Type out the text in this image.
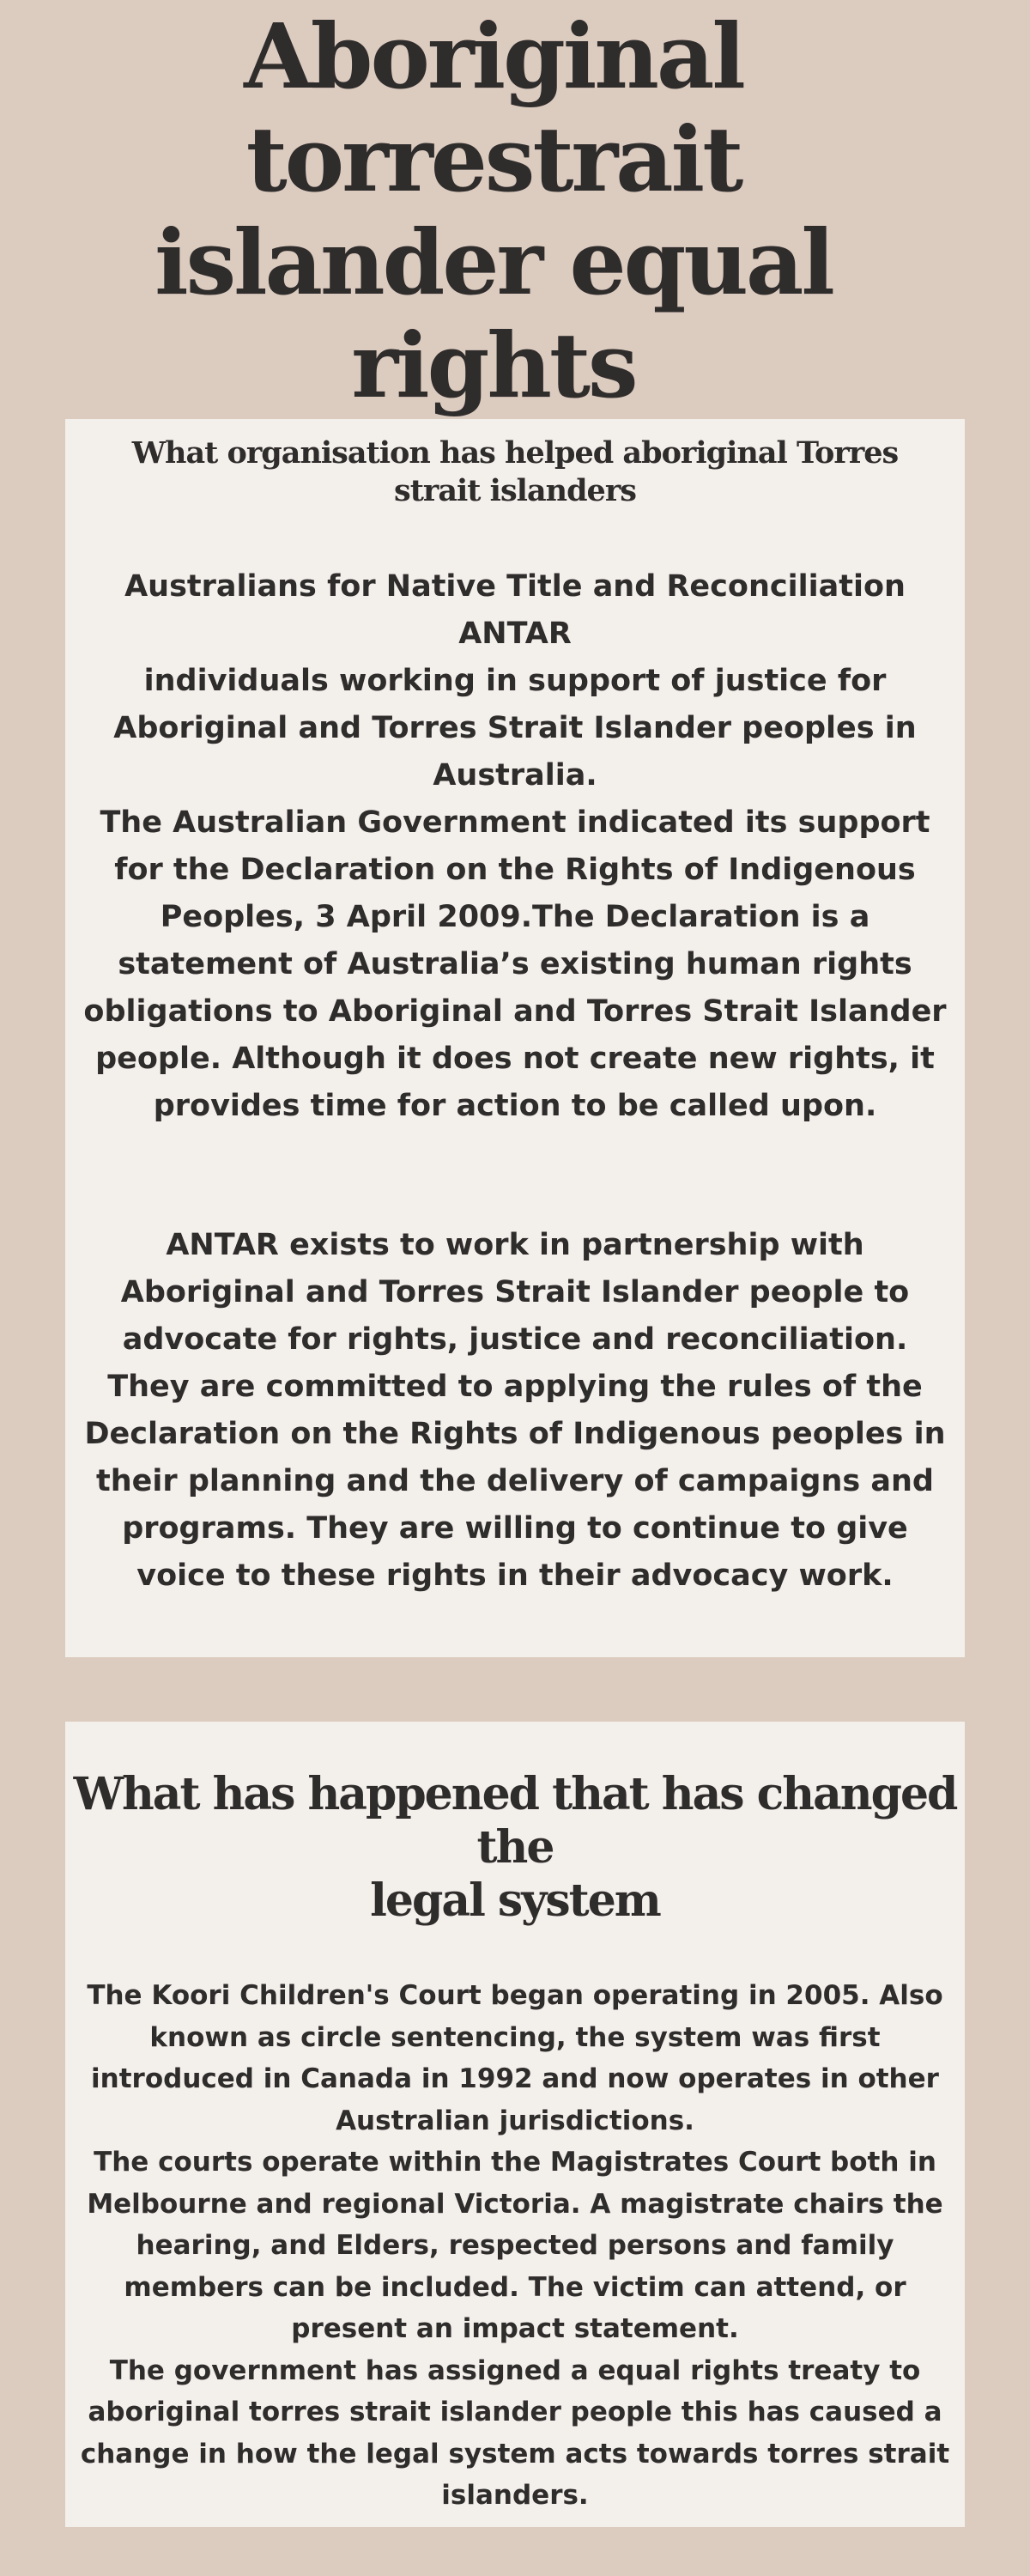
Aboriginal
torrestrait
islander equal
rights
What organisation has helped aboriginal Torres strait islanders

Australians for Native Title and Reconciliation
ANTAR
individuals working in support of justice for
Aboriginal and Torres Strait Islander peoples in
Australia.
The Australian Government indicated its support
for the Declaration on the Rights of Indigenous
Peoples, 3 April 2009.The Declaration is a
statement of Australia’s existing human rights
obligations to Aboriginal and Torres Strait Islander
people. Although it does not create new rights, it
provides time for action to be called upon.

ANTAR exists to work in partnership with
Aboriginal and Torres Strait Islander people to
advocate for rights, justice and reconciliation.
They are committed to applying the rules of the
Declaration on the Rights of Indigenous peoples in
their planning and the delivery of campaigns and
programs. They are willing to continue to give
voice to these rights in their advocacy work.

What has happened that has changed the
legal system

The Koori Children's Court began operating in 2005. Also
known as circle sentencing, the system was first
introduced in Canada in 1992 and now operates in other
Australian jurisdictions.
The courts operate within the Magistrates Court both in
Melbourne and regional Victoria. A magistrate chairs the
hearing, and Elders, respected persons and family
members can be included. The victim can attend, or
present an impact statement.
The government has assigned a equal rights treaty to
aboriginal torres strait islander people this has caused a
change in how the legal system acts towards torres strait
islanders.
